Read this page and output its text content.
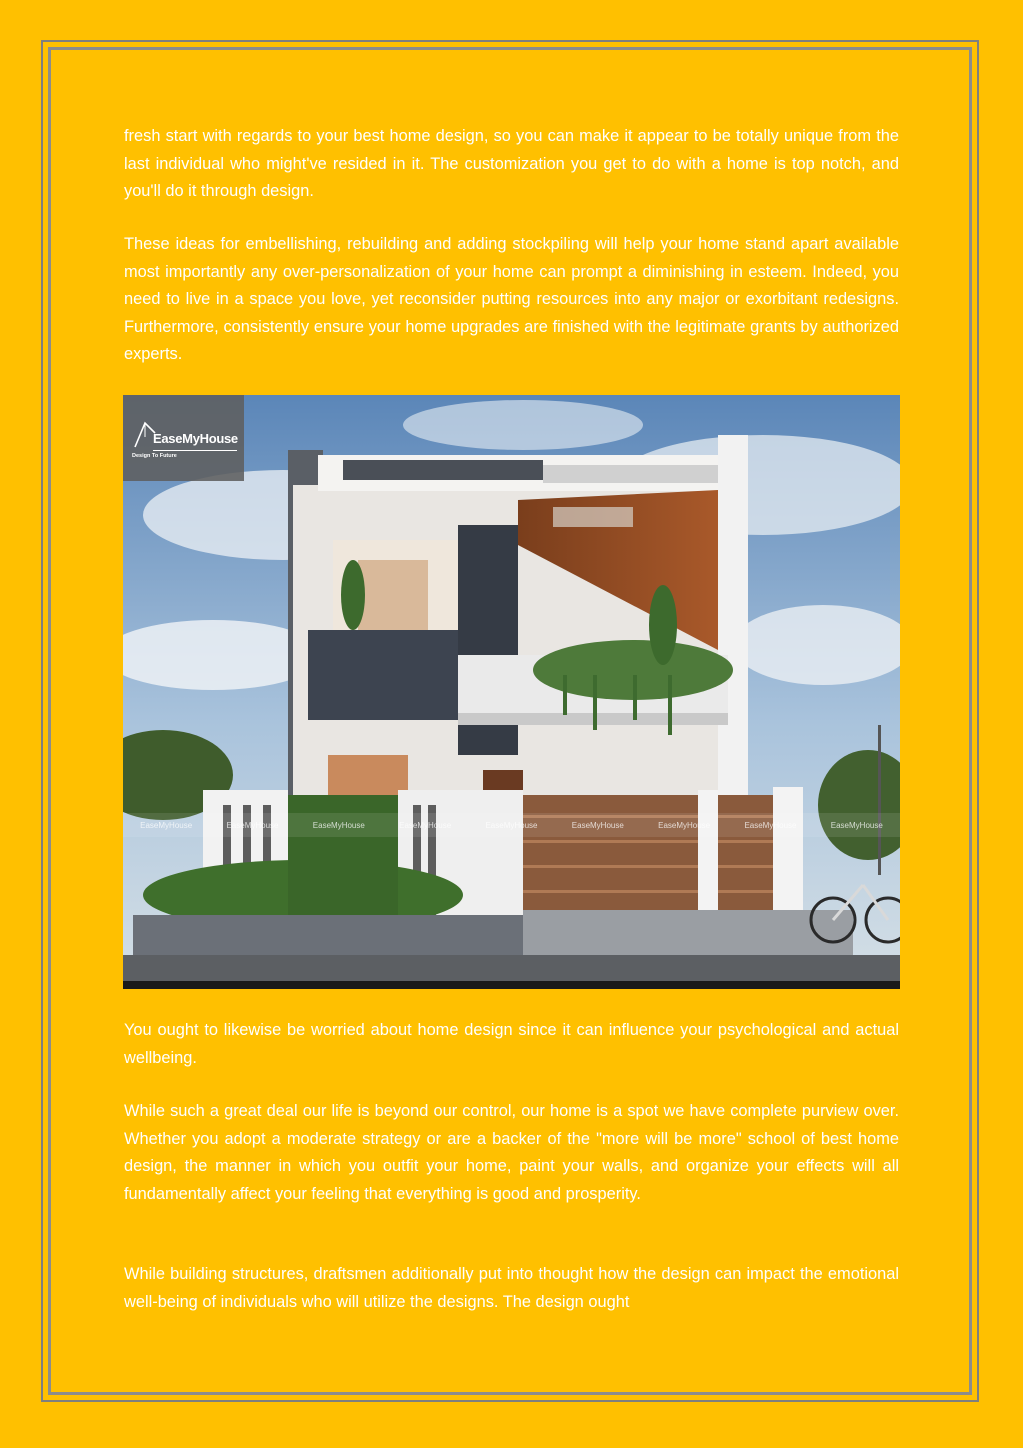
fresh start with regards to your best home design, so you can make it appear to be totally unique from the last individual who might've resided in it. The customization you get to do with a home is top notch, and you'll do it through design.

These ideas for embellishing, rebuilding and adding stockpiling will help your home stand apart available most importantly any over-personalization of your home can prompt a diminishing in esteem. Indeed, you need to live in a space you love, yet reconsider putting resources into any major or exorbitant redesigns. Furthermore, consistently ensure your home upgrades are finished with the legitimate grants by authorized experts.

EaseMyHouse
Design To Future
EaseMyHouse	EaseMyHouse	EaseMyHouse	EaseMyHouse	EaseMyHouse	EaseMyHouse	EaseMyHouse	EaseMyHouse	EaseMyHouse

You ought to likewise be worried about home design since it can influence your psychological and actual wellbeing.

While such a great deal our life is beyond our control, our home is a spot we have complete purview over. Whether you adopt a moderate strategy or are a backer of the "more will be more" school of best home design, the manner in which you outfit your home, paint your walls, and organize your effects will all fundamentally affect your feeling that everything is good and prosperity.

While building structures, draftsmen additionally put into thought how the design can impact the emotional well-being of individuals who will utilize the designs. The design ought
